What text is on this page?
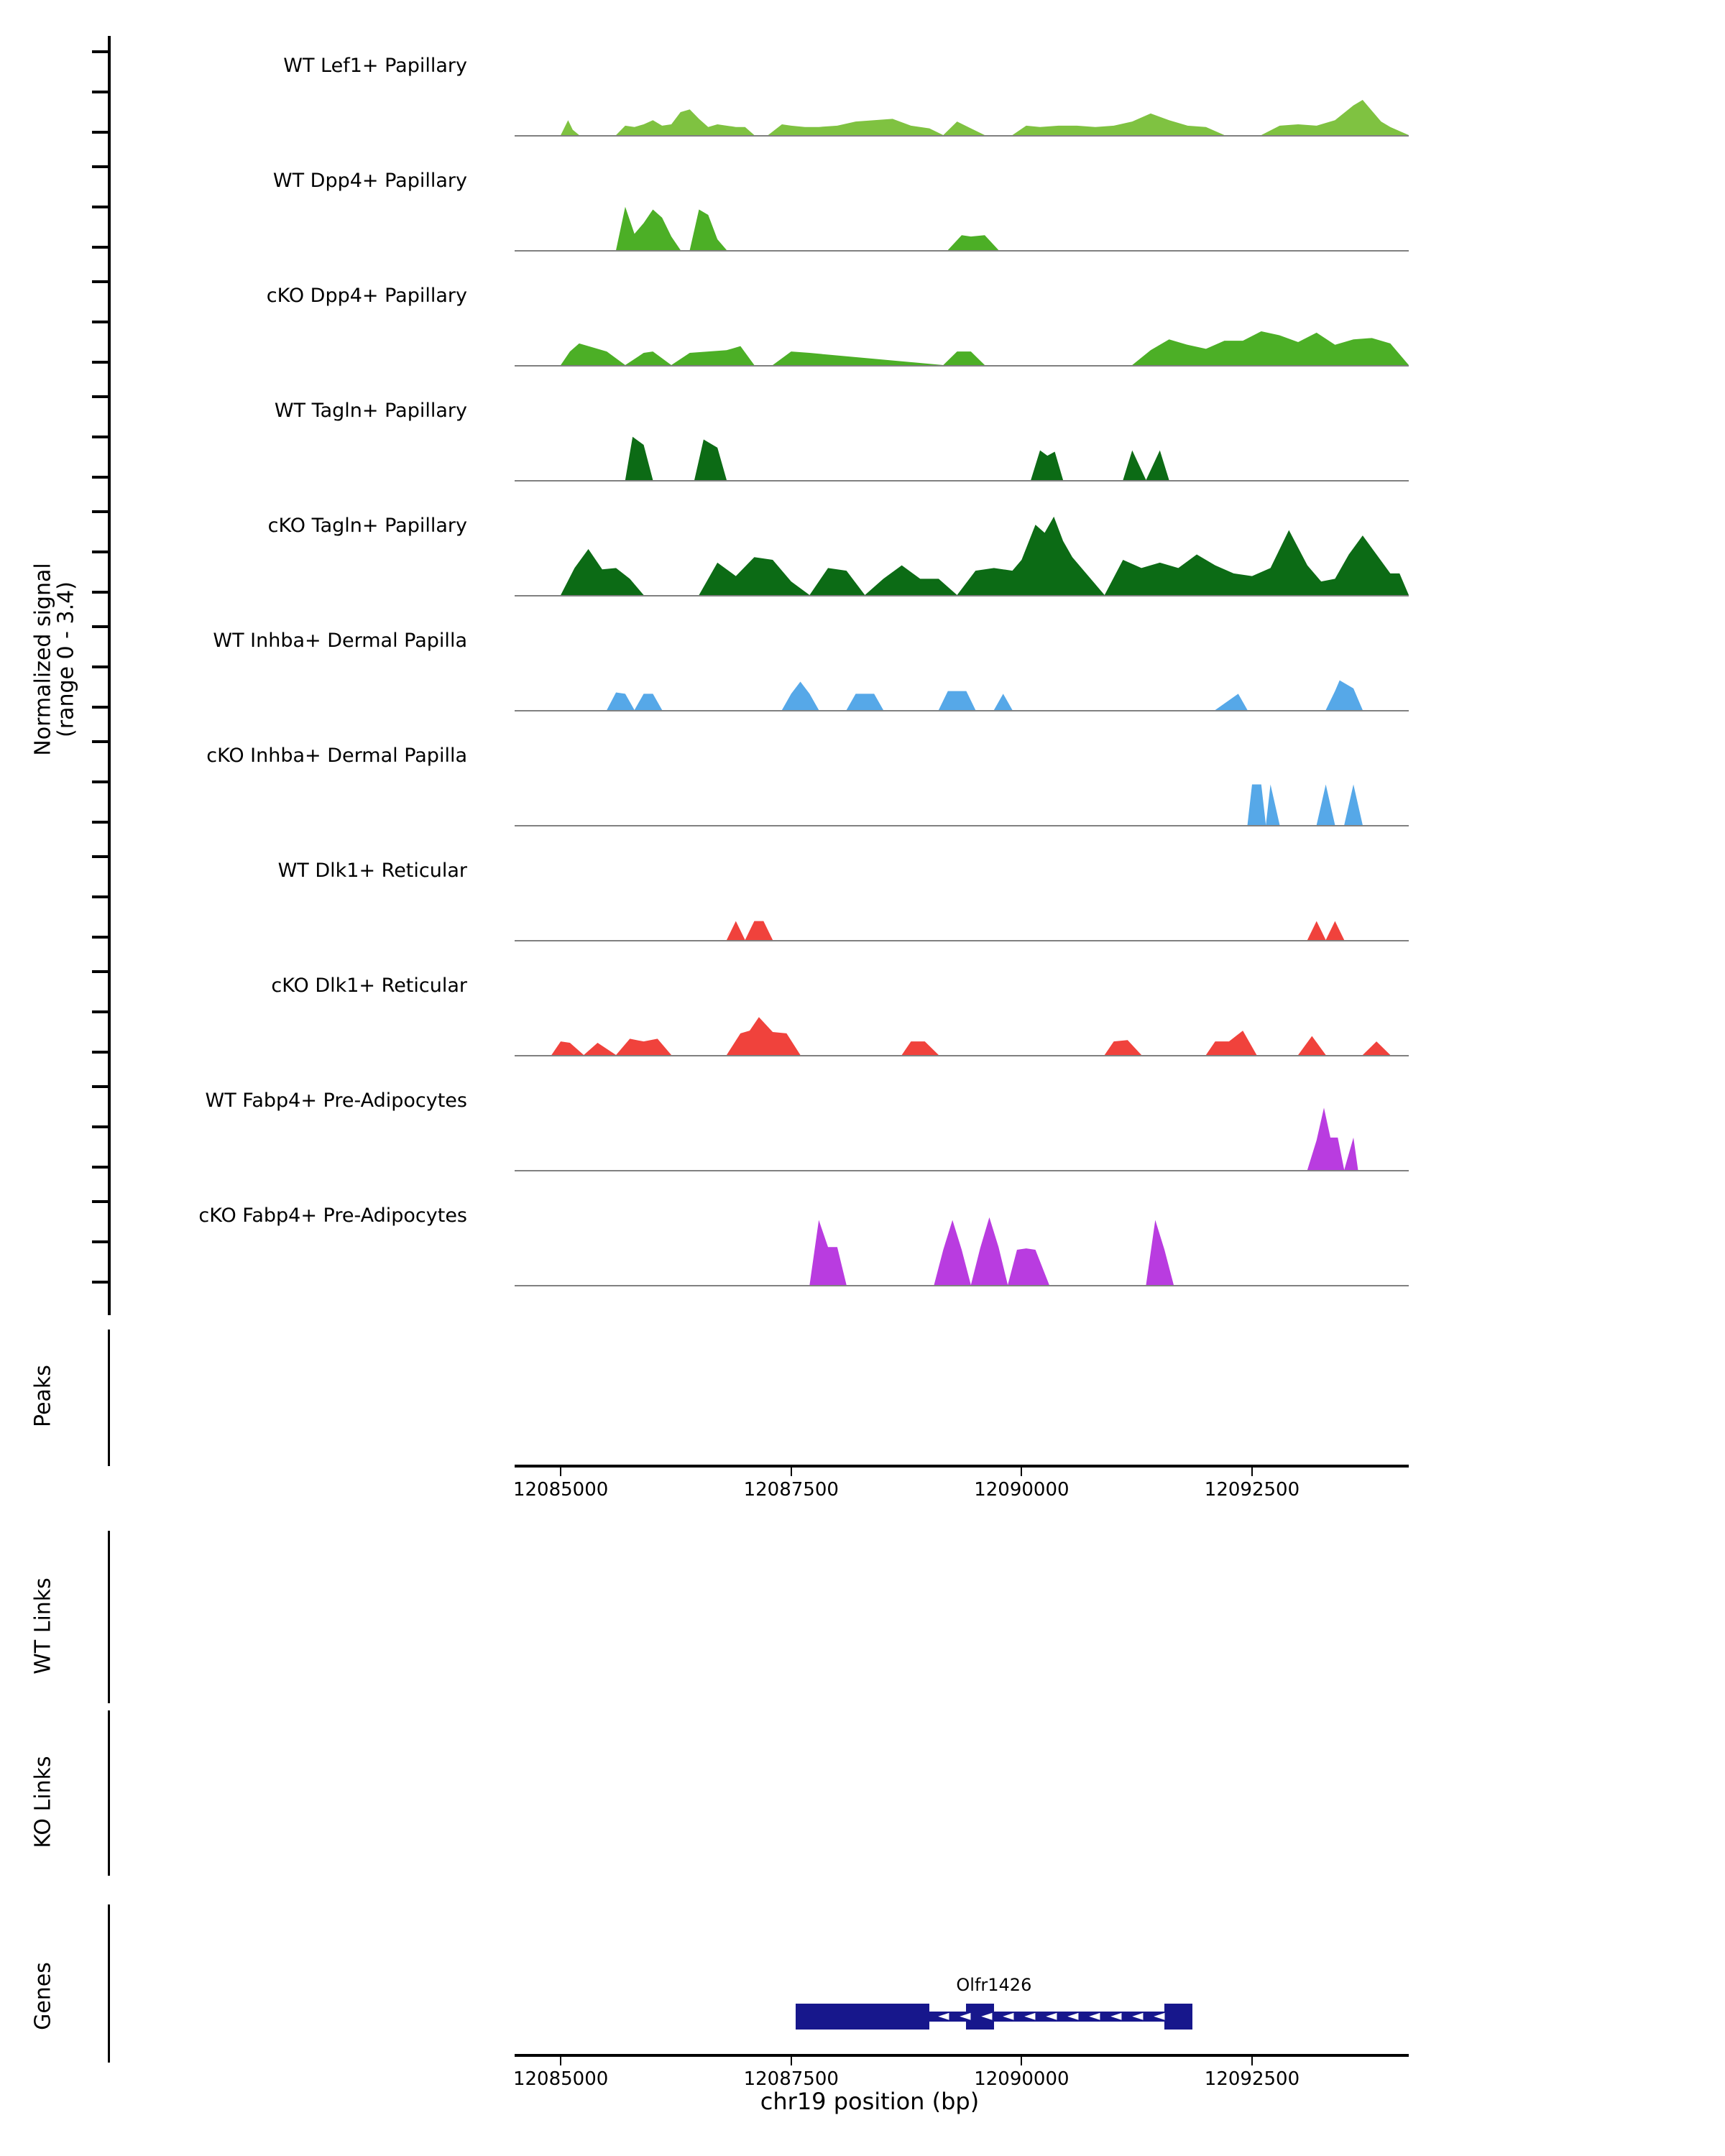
Normalized signal
(range 0 - 3.4)
WT Lef1+ Papillary
WT Dpp4+ Papillary
cKO Dpp4+ Papillary
WT Tagln+ Papillary
cKO Tagln+ Papillary
WT Inhba+ Dermal Papilla
cKO Inhba+ Dermal Papilla
WT Dlk1+ Reticular
cKO Dlk1+ Reticular
WT Fabp4+ Pre-Adipocytes
cKO Fabp4+ Pre-Adipocytes
Peaks
12085000	12087500	12090000	12092500
WT Links
KO Links
Genes	Olfr1426
◄ ◄ ◄ ◄ ◄ ◄ ◄ ◄ ◄ ◄ ◄
12085000	12087500	12090000	12092500
chr19 position (bp)
